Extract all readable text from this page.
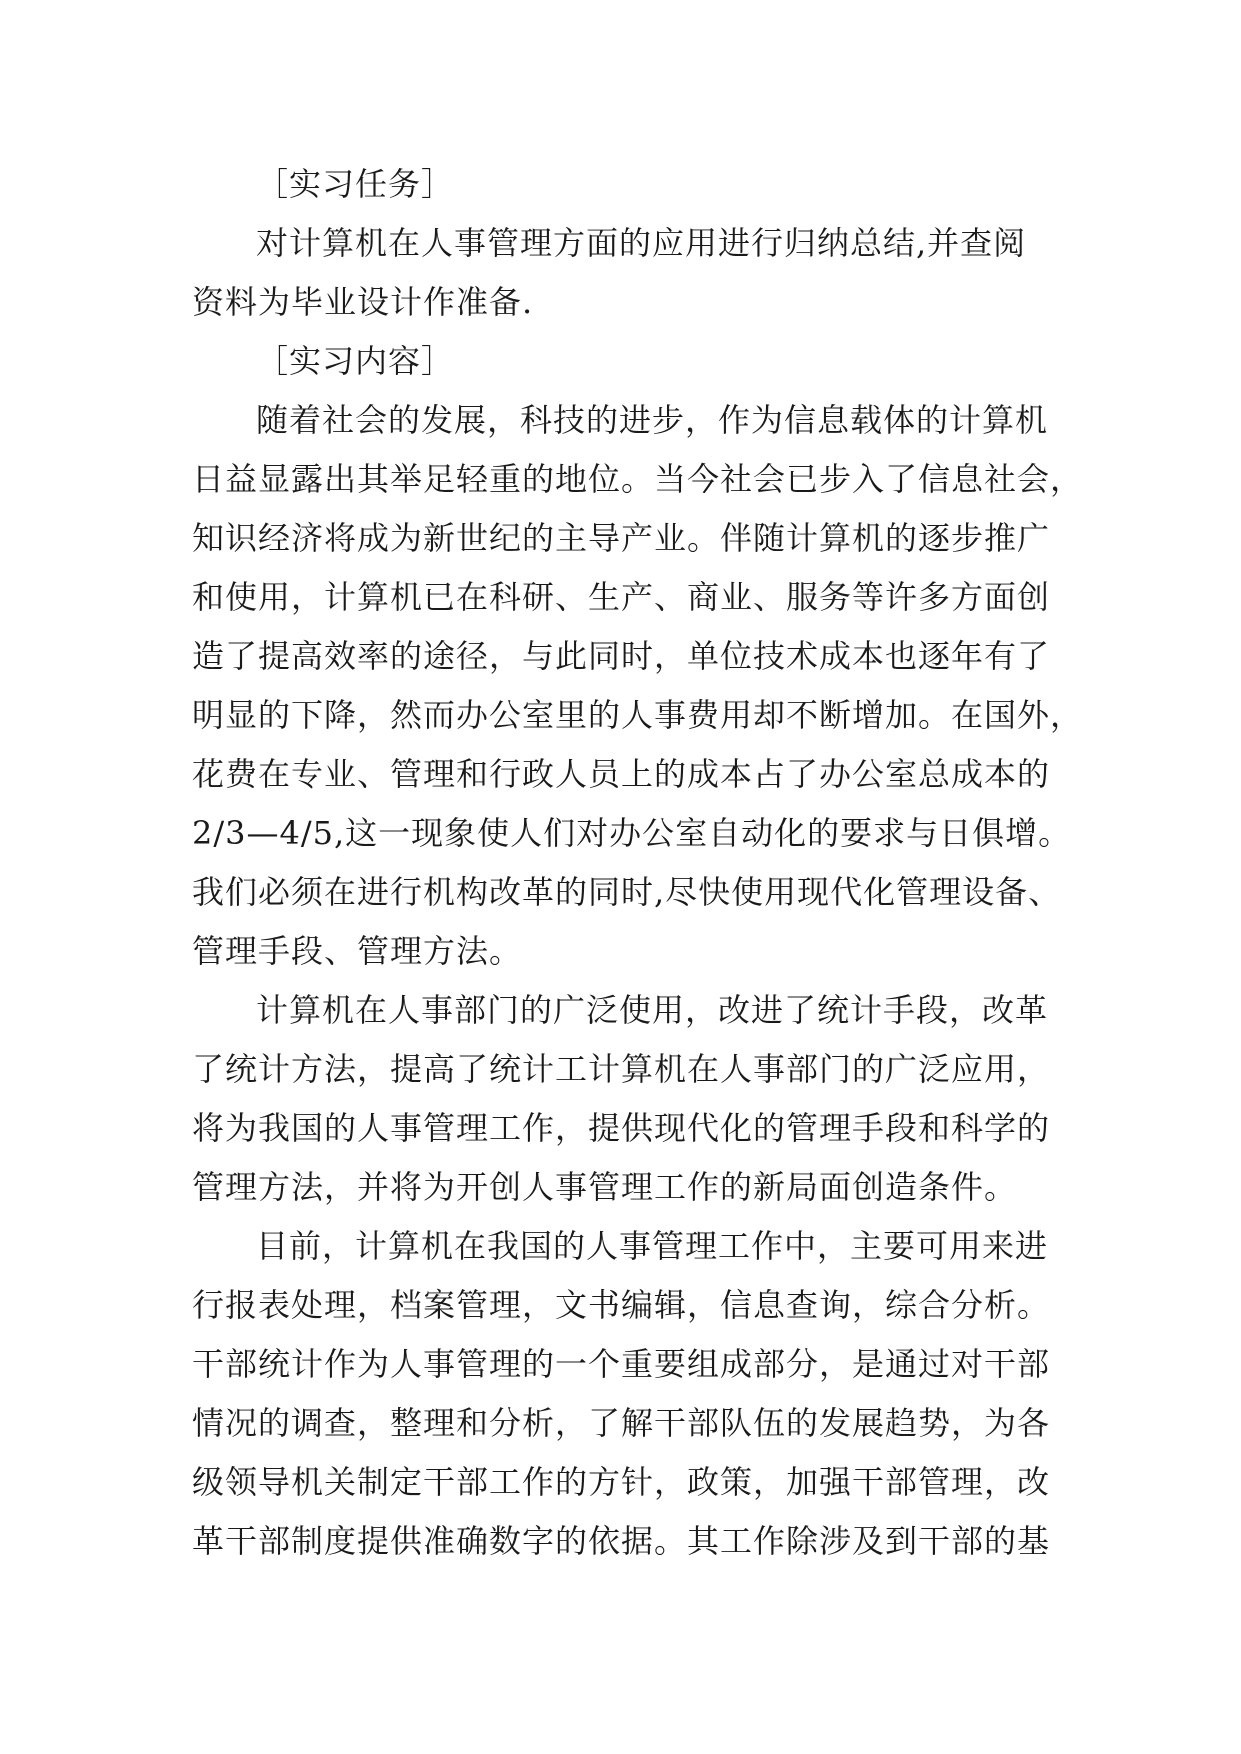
［实习任务］
对计算机在人事管理方面的应用进行归纳总结,并查阅
资料为毕业设计作准备.
［实习内容］
随着社会的发展，科技的进步，作为信息载体的计算机
日益显露出其举足轻重的地位。当今社会已步入了信息社会，
知识经济将成为新世纪的主导产业。伴随计算机的逐步推广
和使用，计算机已在科研、生产、商业、服务等许多方面创
造了提高效率的途径，与此同时，单位技术成本也逐年有了
明显的下降，然而办公室里的人事费用却不断增加。在国外，
花费在专业、管理和行政人员上的成本占了办公室总成本的
2/3—4/5,这一现象使人们对办公室自动化的要求与日俱增。
我们必须在进行机构改革的同时,尽快使用现代化管理设备、
管理手段、管理方法。
计算机在人事部门的广泛使用，改进了统计手段，改革
了统计方法，提高了统计工计算机在人事部门的广泛应用，
将为我国的人事管理工作，提供现代化的管理手段和科学的
管理方法，并将为开创人事管理工作的新局面创造条件。
目前，计算机在我国的人事管理工作中，主要可用来进
行报表处理，档案管理，文书编辑，信息查询，综合分析。
干部统计作为人事管理的一个重要组成部分，是通过对干部
情况的调查，整理和分析，了解干部队伍的发展趋势，为各
级领导机关制定干部工作的方针，政策，加强干部管理，改
革干部制度提供准确数字的依据。其工作除涉及到干部的基
